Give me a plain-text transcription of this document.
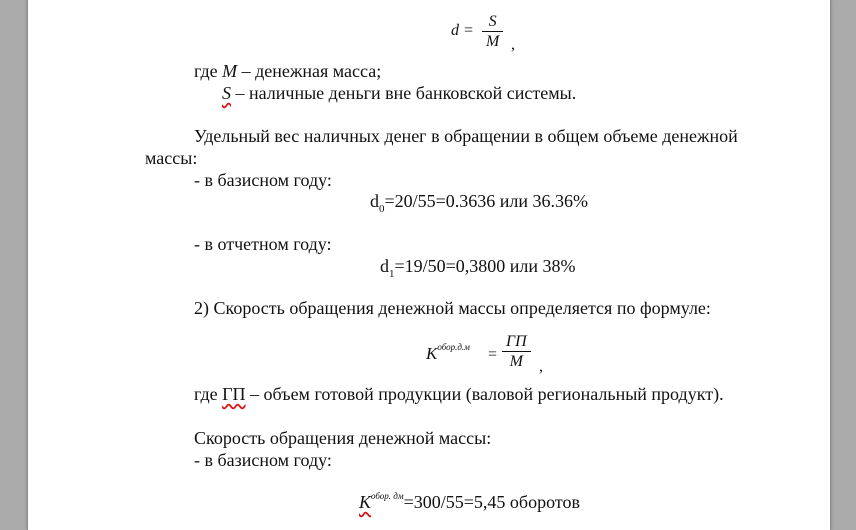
$d = \frac{S}{M}$ ,
где M – денежная масса;
S – наличные деньги вне банковской системы.
Удельный вес наличных денег в обращении в общем объеме денежной
массы:
- в базисном году:
$d_0=20/55=0.3636$ или 36.36%
- в отчетном году:
$d_1=19/50=0,3800$ или 38%
2) Скорость обращения денежной массы определяется по формуле:
$K^{обор.д.м}$ =
ГП
M	,
где ГП – объем готовой продукции (валовой региональный продукт).
Скорость обращения денежной массы:
- в базисном году:
$K^{обор. дм}=300/55=5,45$ оборотов
